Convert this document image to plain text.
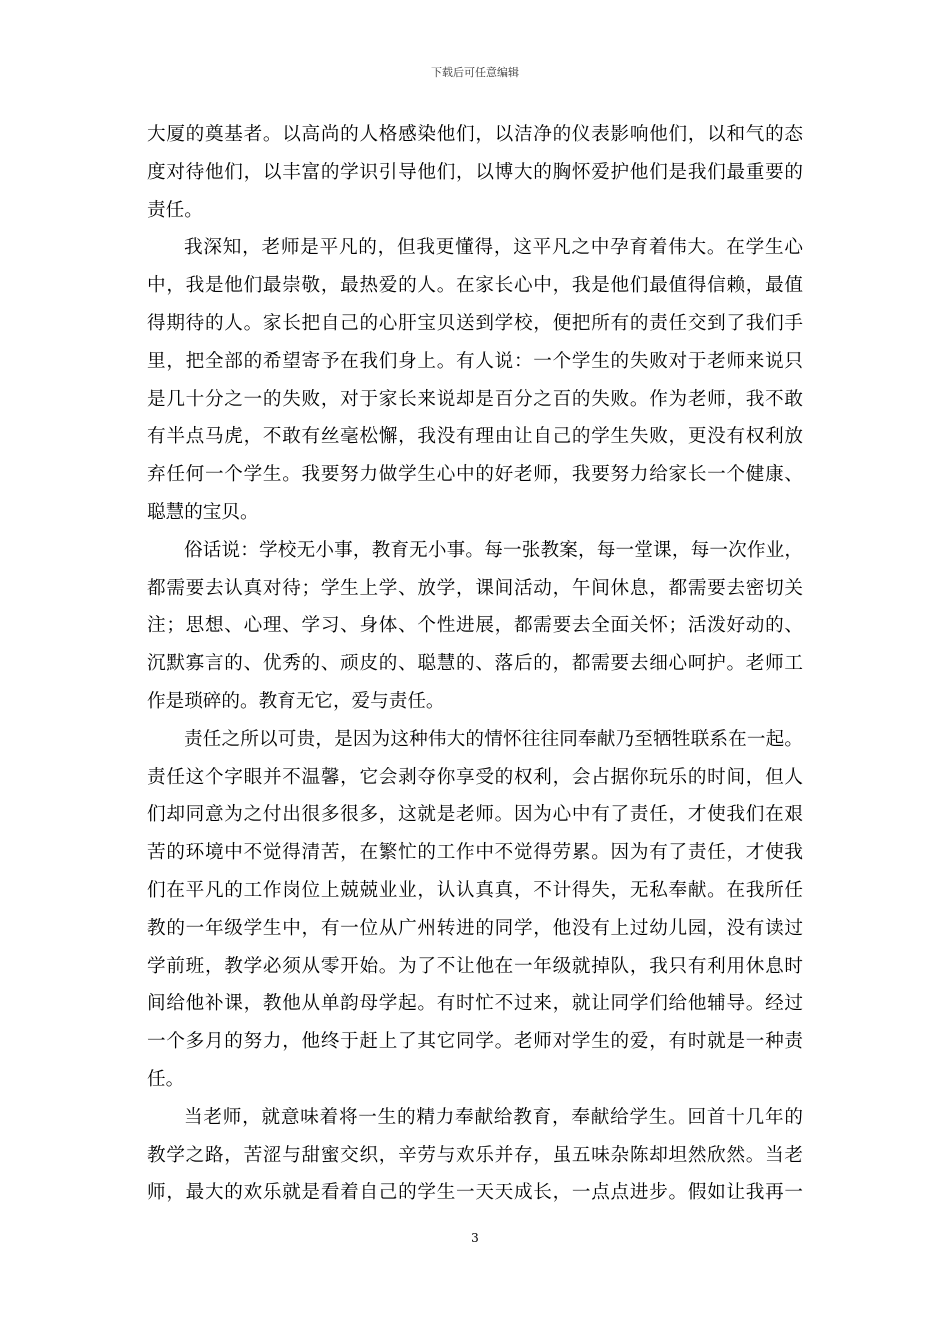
下载后可任意编辑
大厦的奠基者。以高尚的人格感染他们，以洁净的仪表影响他们，以和气的态
度对待他们，以丰富的学识引导他们，以博大的胸怀爱护他们是我们最重要的
责任。
我深知，老师是平凡的，但我更懂得，这平凡之中孕育着伟大。在学生心
中，我是他们最崇敬，最热爱的人。在家长心中，我是他们最值得信赖，最值
得期待的人。家长把自己的心肝宝贝送到学校，便把所有的责任交到了我们手
里，把全部的希望寄予在我们身上。有人说：一个学生的失败对于老师来说只
是几十分之一的失败，对于家长来说却是百分之百的失败。作为老师，我不敢
有半点马虎，不敢有丝毫松懈，我没有理由让自己的学生失败，更没有权利放
弃任何一个学生。我要努力做学生心中的好老师，我要努力给家长一个健康、
聪慧的宝贝。
俗话说：学校无小事，教育无小事。每一张教案，每一堂课，每一次作业，
都需要去认真对待；学生上学、放学，课间活动，午间休息，都需要去密切关
注；思想、心理、学习、身体、个性进展，都需要去全面关怀；活泼好动的、
沉默寡言的、优秀的、顽皮的、聪慧的、落后的，都需要去细心呵护。老师工
作是琐碎的。教育无它，爱与责任。
责任之所以可贵，是因为这种伟大的情怀往往同奉献乃至牺牲联系在一起。
责任这个字眼并不温馨，它会剥夺你享受的权利，会占据你玩乐的时间，但人
们却同意为之付出很多很多，这就是老师。因为心中有了责任，才使我们在艰
苦的环境中不觉得清苦，在繁忙的工作中不觉得劳累。因为有了责任，才使我
们在平凡的工作岗位上兢兢业业，认认真真，不计得失，无私奉献。在我所任
教的一年级学生中，有一位从广州转进的同学，他没有上过幼儿园，没有读过
学前班，教学必须从零开始。为了不让他在一年级就掉队，我只有利用休息时
间给他补课，教他从单韵母学起。有时忙不过来，就让同学们给他辅导。经过
一个多月的努力，他终于赶上了其它同学。老师对学生的爱，有时就是一种责
任。
当老师，就意味着将一生的精力奉献给教育，奉献给学生。回首十几年的
教学之路，苦涩与甜蜜交织，辛劳与欢乐并存，虽五味杂陈却坦然欣然。当老
师，最大的欢乐就是看着自己的学生一天天成长，一点点进步。假如让我再一
3
